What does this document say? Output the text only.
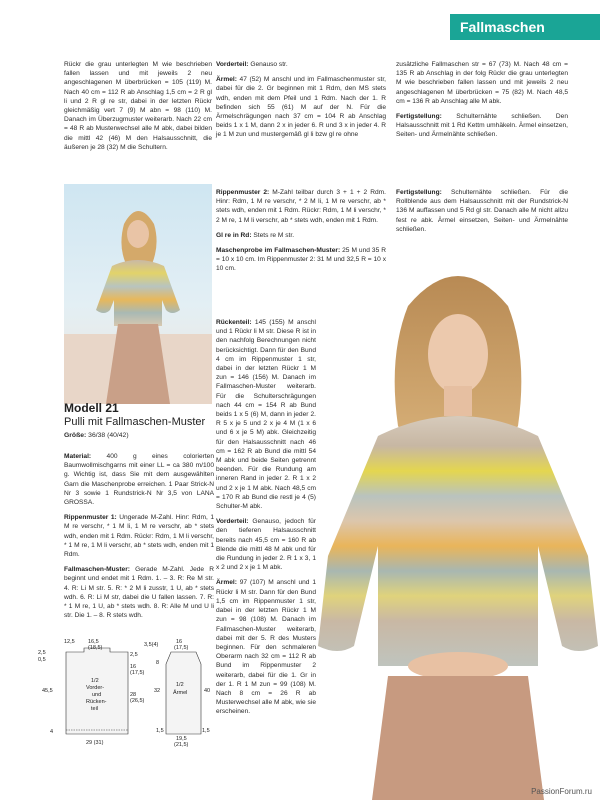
Fallmaschen

Rückr die grau unterlegten M wie beschrieben fallen lassen und mit jeweils 2 neu angeschlagenen M überbrücken = 105 (119) M. Nach 40 cm = 112 R ab Anschlag 1,5 cm = 2 R gl li und 2 R gl re str, dabei in der letzten Rückr gleichmäßig vert 7 (9) M abn = 98 (110) M. Danach im Überzugmuster weiterarb. Nach 22 cm = 48 R ab Musterwechsel alle M abk, dabei bilden die mittl 42 (46) M den Halsausschnitt, die äußeren je 28 (32) M die Schultern.

Vorderteil: Genauso str.

Ärmel: 47 (52) M anschl und im Fallmaschenmuster str, dabei für die 2. Gr beginnen mit 1 Rdm, den MS stets wdh, enden mit dem Pfeil und 1 Rdm. Nach der 1. R befinden sich 55 (61) M auf der N. Für die Ärmelschrägungen nach 37 cm = 104 R ab Anschlag beids 1 x 1 M, dann 2 x in jeder 6. R und 3 x in jeder 4. R je 1 M zun und mustergemäß gl li bzw gl re ohne

zusätzliche Fallmaschen str = 67 (73) M. Nach 48 cm = 135 R ab Anschlag in der folg Rückr die grau unterlegten M wie beschrieben fallen lassen und mit jeweils 2 neu angeschlagenen M überbrücken = 75 (82) M. Nach 48,5 cm = 136 R ab Anschlag alle M abk.

Fertigstellung: Schulternähte schließen. Den Halsausschnitt mit 1 Rd Kettm umhäkeln. Ärmel einsetzen, Seiten- und Ärmelnähte schließen.

Modell 21
Pulli mit Fallmaschen-Muster
Größe: 36/38 (40/42)

Material: 400 g eines colorierten Baumwollmischgarns mit einer LL = ca 380 m/100 g. Wichtig ist, dass Sie mit dem ausgewählten Garn die Maschenprobe erreichen. 1 Paar Strick-N Nr 3 sowie 1 Rundstrick-N Nr 3,5 von LANA GROSSA.

Rippenmuster 1: Ungerade M-Zahl. Hinr: Rdm, 1 M re verschr, * 1 M li, 1 M re verschr, ab * stets wdh, enden mit 1 Rdm. Rückr: Rdm, 1 M li verschr, * 1 M re, 1 M li verschr, ab * stets wdh, enden mit 1 Rdm.

Fallmaschen-Muster: Gerade M-Zahl. Jede R beginnt und endet mit 1 Rdm. 1. – 3. R: Re M str. 4. R: Li M str. 5. R: * 2 M li zusstr, 1 U, ab * stets wdh. 6. R: Li M str, dabei die U fallen lassen. 7. R: * 1 M re, 1 U, ab * stets wdh. 8. R: Alle M und U li str. Die 1. – 8. R stets wdh.

16,5
(18,5)
12,5
2,5
0,5
2,5
16
(17,5)
45,5
28
(26,5)
1/2
Vorder-
und
Rücken-
teil
4
29 (31)
3,5(4)	16
(17,5)
8
40
32
1/2
Ärmel
1,5	1,5
19,5
(21,5)

Rippenmuster 2: M-Zahl teilbar durch 3 + 1 + 2 Rdm. Hinr: Rdm, 1 M re verschr, * 2 M li, 1 M re verschr, ab * stets wdh, enden mit 1 Rdm. Rückr: Rdm, 1 M li verschr, * 2 M re, 1 M li verschr, ab * stets wdh, enden mit 1 Rdm.

Gl re in Rd: Stets re M str.

Maschenprobe im Fallmaschen-Muster: 25 M und 35 R = 10 x 10 cm. Im Rippenmuster 2: 31 M und 32,5 R = 10 x 10 cm.

Rückenteil: 145 (155) M anschl und 1 Rückr li M str. Diese R ist in den nachfolg Berechnungen nicht berücksichtigt. Dann für den Bund 4 cm im Rippenmuster 1 str, dabei in der letzten Rückr 1 M zun = 146 (156) M. Danach im Fallmaschen-Muster weiterarb. Für die Schulterschrägungen nach 44 cm = 154 R ab Bund beids 1 x 5 (6) M, dann in jeder 2. R 5 x je 5 und 2 x je 4 M (1 x 6 und 6 x je 5 M) abk. Gleichzeitig für den Halsausschnitt nach 46 cm = 162 R ab Bund die mittl 54 M abk und beide Seiten getrennt beenden. Für die Rundung am inneren Rand in jeder 2. R 1 x 2 und 2 x je 1 M abk. Nach 48,5 cm = 170 R ab Bund die restl je 4 (5) Schulter-M abk.

Vorderteil: Genauso, jedoch für den tieferen Halsausschnitt bereits nach 45,5 cm = 160 R ab Blende die mittl 48 M abk und für die Rundung in jeder 2. R 1 x 3, 1 x 2 und 2 x je 1 M abk.

Ärmel: 97 (107) M anschl und 1 Rückr li M str. Dann für den Bund 1,5 cm im Rippenmuster 1 str, dabei in der letzten Rückr 1 M zun = 98 (108) M. Danach im Fallmaschen-Muster weiterarb, dabei mit der 5. R des Musters beginnen. Für den schmaleren Oberarm nach 32 cm = 112 R ab Bund im Rippenmuster 2 weiterarb, dabei für die 1. Gr in der 1. R 1 M zun = 99 (108) M. Nach 8 cm = 26 R ab Musterwechsel alle M abk, wie sie erscheinen.

Fertigstellung: Schulternähte schließen. Für die Rollblende aus dem Halsausschnitt mit der Rundstrick-N 136 M auffassen und 5 Rd gl str. Danach alle M nicht allzu fest re abk. Ärmel einsetzen, Seiten- und Ärmelnähte schließen.

PassionForum.ru
